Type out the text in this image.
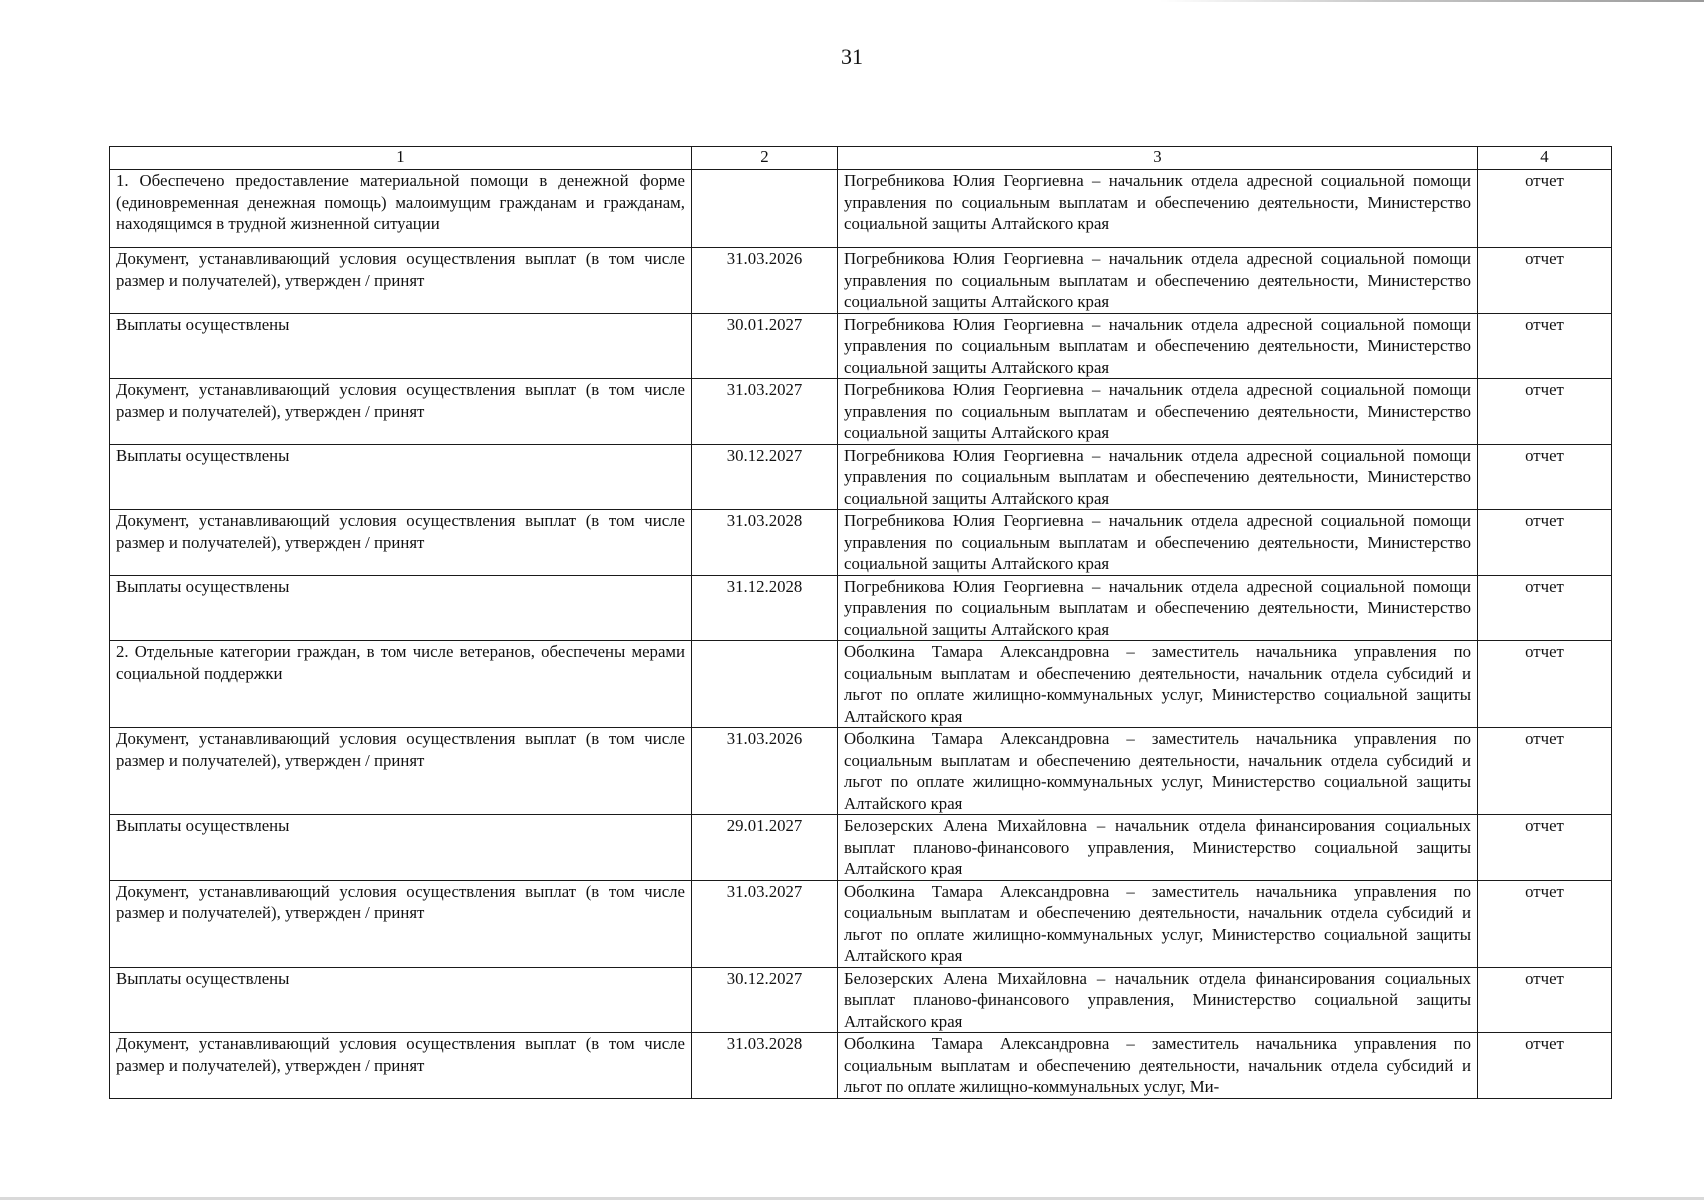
31
1	2	3	4
1. Обеспечено предоставление материальной помощи в денежной форме (единовременная денежная помощь) малоимущим гражданам и гражданам, находящимся в трудной жизненной ситуации		Погребникова Юлия Георгиевна – начальник отдела адресной социальной помощи управления по социальным выплатам и обеспечению деятельности, Министерство социальной защиты Алтайского края	отчет
Документ, устанавливающий условия осуществления выплат (в том числе размер и получателей), утвержден / принят	31.03.2026	Погребникова Юлия Георгиевна – начальник отдела адресной социальной помощи управления по социальным выплатам и обеспечению деятельности, Министерство социальной защиты Алтайского края	отчет
Выплаты осуществлены	30.01.2027	Погребникова Юлия Георгиевна – начальник отдела адресной социальной помощи управления по социальным выплатам и обеспечению деятельности, Министерство социальной защиты Алтайского края	отчет
Документ, устанавливающий условия осуществления выплат (в том числе размер и получателей), утвержден / принят	31.03.2027	Погребникова Юлия Георгиевна – начальник отдела адресной социальной помощи управления по социальным выплатам и обеспечению деятельности, Министерство социальной защиты Алтайского края	отчет
Выплаты осуществлены	30.12.2027	Погребникова Юлия Георгиевна – начальник отдела адресной социальной помощи управления по социальным выплатам и обеспечению деятельности, Министерство социальной защиты Алтайского края	отчет
Документ, устанавливающий условия осуществления выплат (в том числе размер и получателей), утвержден / принят	31.03.2028	Погребникова Юлия Георгиевна – начальник отдела адресной социальной помощи управления по социальным выплатам и обеспечению деятельности, Министерство социальной защиты Алтайского края	отчет
Выплаты осуществлены	31.12.2028	Погребникова Юлия Георгиевна – начальник отдела адресной социальной помощи управления по социальным выплатам и обеспечению деятельности, Министерство социальной защиты Алтайского края	отчет
2. Отдельные категории граждан, в том числе ветеранов, обеспечены мерами социальной поддержки		Оболкина Тамара Александровна – заместитель начальника управления по социальным выплатам и обеспечению деятельности, начальник отдела субсидий и льгот по оплате жилищно-коммунальных услуг, Министерство социальной защиты Алтайского края	отчет
Документ, устанавливающий условия осуществления выплат (в том числе размер и получателей), утвержден / принят	31.03.2026	Оболкина Тамара Александровна – заместитель начальника управления по социальным выплатам и обеспечению деятельности, начальник отдела субсидий и льгот по оплате жилищно-коммунальных услуг, Министерство социальной защиты Алтайского края	отчет
Выплаты осуществлены	29.01.2027	Белозерских Алена Михайловна – начальник отдела финансирования социальных выплат планово-финансового управления, Министерство социальной защиты Алтайского края	отчет
Документ, устанавливающий условия осуществления выплат (в том числе размер и получателей), утвержден / принят	31.03.2027	Оболкина Тамара Александровна – заместитель начальника управления по социальным выплатам и обеспечению деятельности, начальник отдела субсидий и льгот по оплате жилищно-коммунальных услуг, Министерство социальной защиты Алтайского края	отчет
Выплаты осуществлены	30.12.2027	Белозерских Алена Михайловна – начальник отдела финансирования социальных выплат планово-финансового управления, Министерство социальной защиты Алтайского края	отчет
Документ, устанавливающий условия осуществления выплат (в том числе размер и получателей), утвержден / принят	31.03.2028	Оболкина Тамара Александровна – заместитель начальника управления по социальным выплатам и обеспечению деятельности, начальник отдела субсидий и льгот по оплате жилищно-коммунальных услуг, Ми-	отчет
